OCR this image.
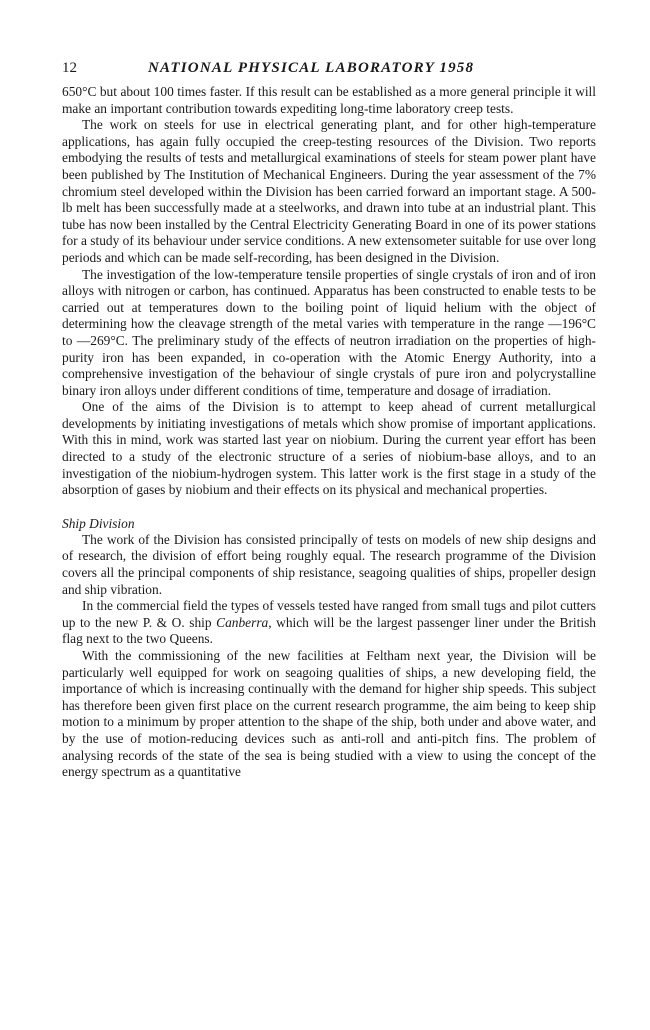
12	NATIONAL PHYSICAL LABORATORY 1958

650°C but about 100 times faster. If this result can be established as a more general principle it will make an important contribution towards expediting long-time laboratory creep tests.

The work on steels for use in electrical generating plant, and for other high-temperature applications, has again fully occupied the creep-testing resources of the Division. Two reports embodying the results of tests and metallurgical examinations of steels for steam power plant have been published by The Institution of Mechanical Engineers. During the year assessment of the 7% chromium steel developed within the Division has been carried forward an important stage. A 500-lb melt has been successfully made at a steelworks, and drawn into tube at an industrial plant. This tube has now been installed by the Central Electricity Generating Board in one of its power stations for a study of its behaviour under service conditions. A new extensometer suitable for use over long periods and which can be made self-recording, has been designed in the Division.

The investigation of the low-temperature tensile properties of single crystals of iron and of iron alloys with nitrogen or carbon, has continued. Apparatus has been constructed to enable tests to be carried out at temperatures down to the boiling point of liquid helium with the object of determining how the cleavage strength of the metal varies with temperature in the range —196°C to —269°C. The preliminary study of the effects of neutron irradiation on the properties of high-purity iron has been expanded, in co-operation with the Atomic Energy Authority, into a comprehensive investigation of the behaviour of single crystals of pure iron and polycrystalline binary iron alloys under different conditions of time, temperature and dosage of irradiation.

One of the aims of the Division is to attempt to keep ahead of current metallurgical developments by initiating investigations of metals which show promise of important applications. With this in mind, work was started last year on niobium. During the current year effort has been directed to a study of the electronic structure of a series of niobium-base alloys, and to an investigation of the niobium-hydrogen system. This latter work is the first stage in a study of the absorption of gases by niobium and their effects on its physical and mechanical properties.

Ship Division

The work of the Division has consisted principally of tests on models of new ship designs and of research, the division of effort being roughly equal. The research programme of the Division covers all the principal components of ship resistance, seagoing qualities of ships, propeller design and ship vibration.

In the commercial field the types of vessels tested have ranged from small tugs and pilot cutters up to the new P. & O. ship Canberra, which will be the largest passenger liner under the British flag next to the two Queens.

With the commissioning of the new facilities at Feltham next year, the Division will be particularly well equipped for work on seagoing qualities of ships, a new developing field, the importance of which is increasing continually with the demand for higher ship speeds. This subject has therefore been given first place on the current research programme, the aim being to keep ship motion to a minimum by proper attention to the shape of the ship, both under and above water, and by the use of motion-reducing devices such as anti-roll and anti-pitch fins. The problem of analysing records of the state of the sea is being studied with a view to using the concept of the energy spectrum as a quantitative
